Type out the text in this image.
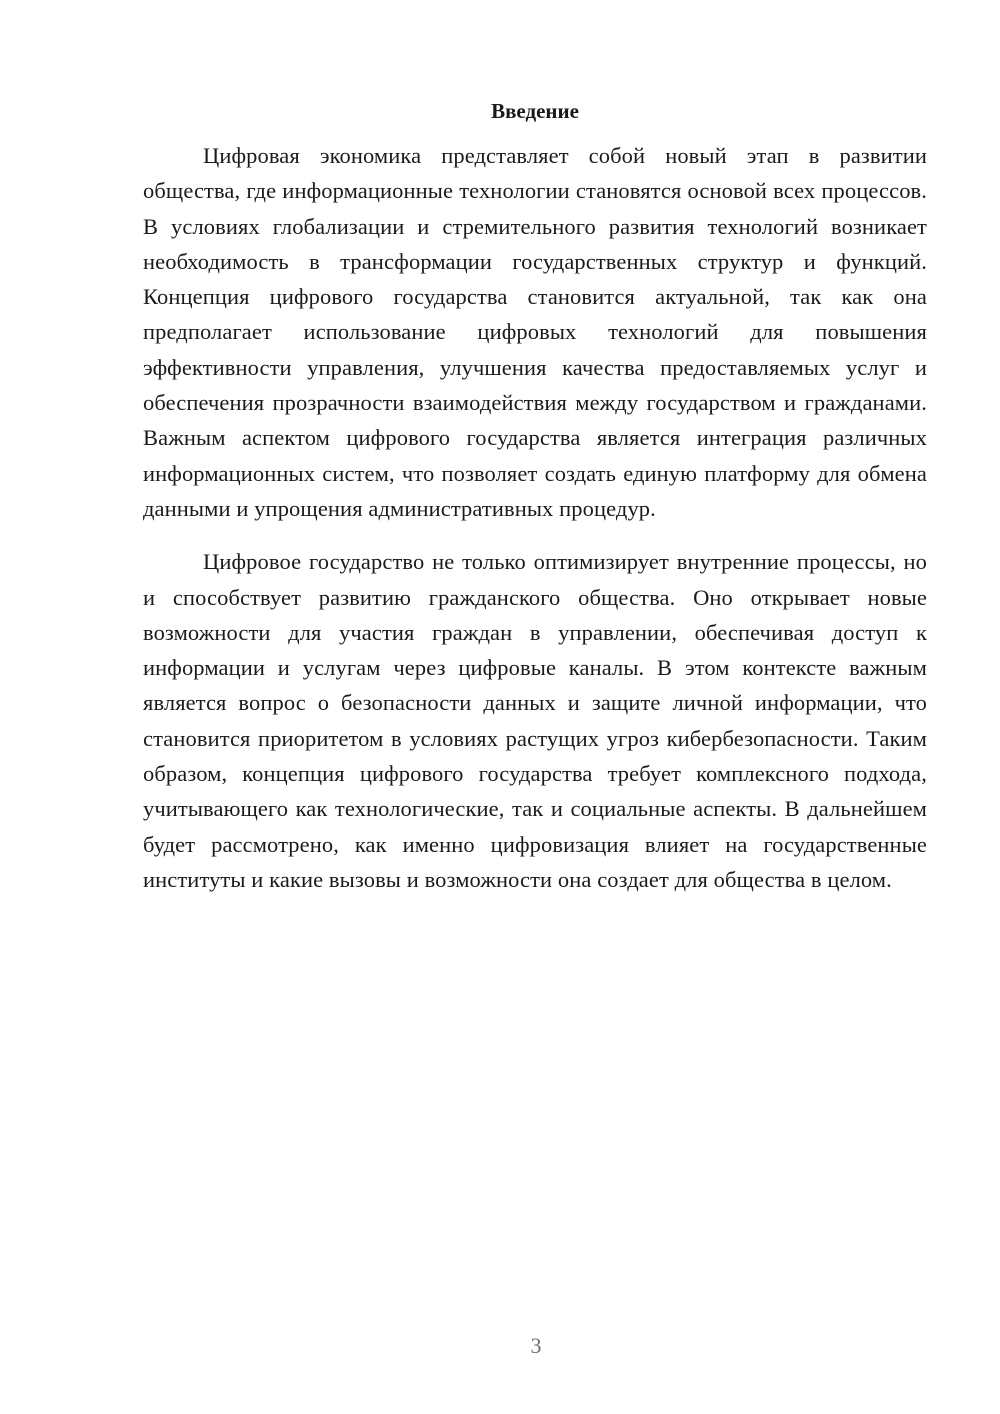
Введение

Цифровая экономика представляет собой новый этап в развитии общества, где информационные технологии становятся основой всех процессов. В условиях глобализации и стремительного развития технологий возникает необходимость в трансформации государственных структур и функций. Концепция цифрового государства становится актуальной, так как она предполагает использование цифровых технологий для повышения эффективности управления, улучшения качества предоставляемых услуг и обеспечения прозрачности взаимодействия между государством и гражданами. Важным аспектом цифрового государства является интеграция различных информационных систем, что позволяет создать единую платформу для обмена данными и упрощения административных процедур.

Цифровое государство не только оптимизирует внутренние процессы, но и способствует развитию гражданского общества. Оно открывает новые возможности для участия граждан в управлении, обеспечивая доступ к информации и услугам через цифровые каналы. В этом контексте важным является вопрос о безопасности данных и защите личной информации, что становится приоритетом в условиях растущих угроз кибербезопасности. Таким образом, концепция цифрового государства требует комплексного подхода, учитывающего как технологические, так и социальные аспекты. В дальнейшем будет рассмотрено, как именно цифровизация влияет на государственные институты и какие вызовы и возможности она создает для общества в целом.

3
